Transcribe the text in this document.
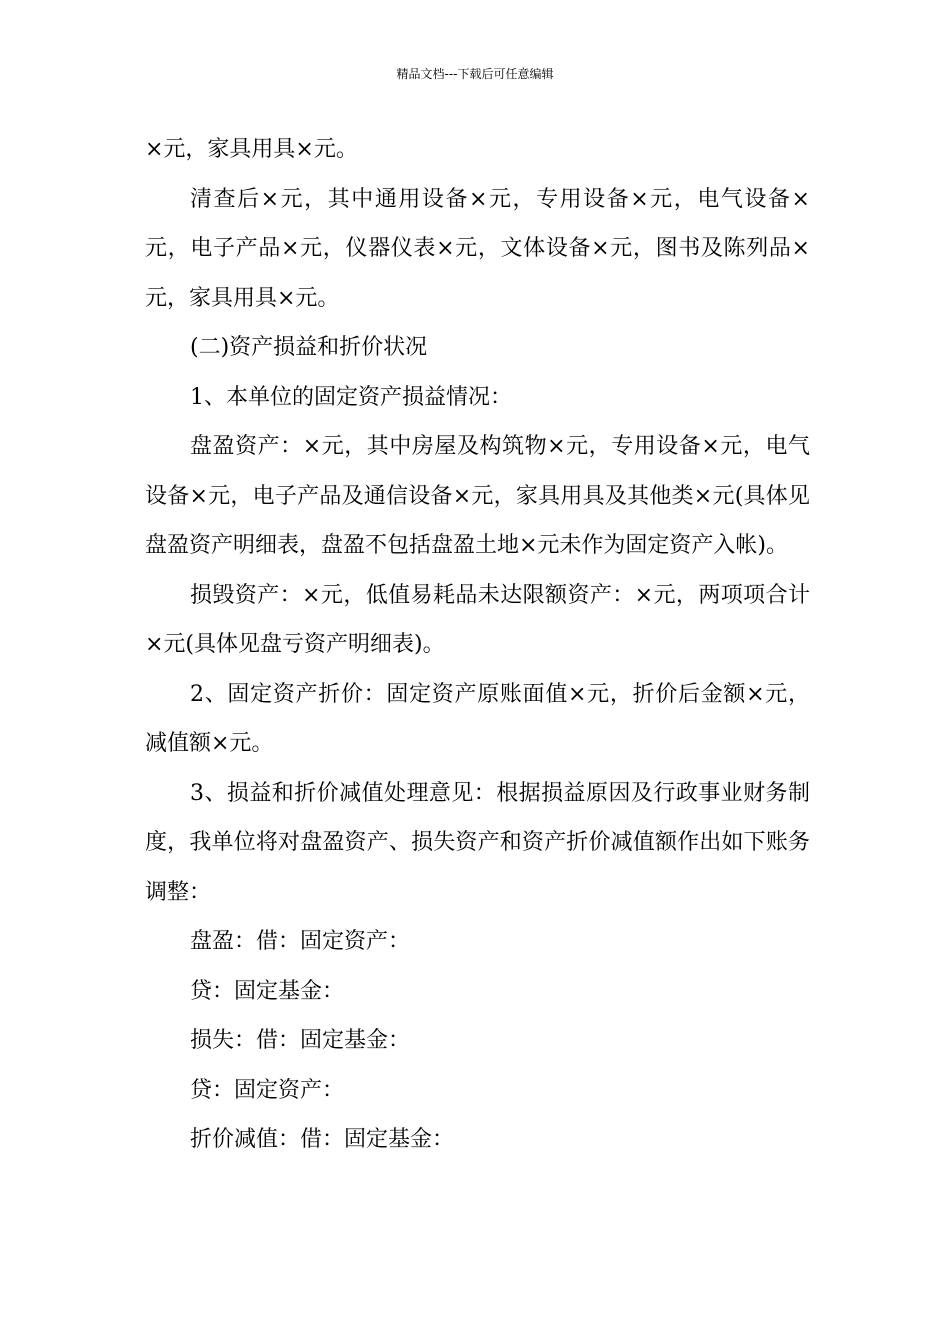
精品文档---下载后可任意编辑

×元，家具用具×元。

清查后×元，其中通用设备×元，专用设备×元，电气设备×元，电子产品×元，仪器仪表×元，文体设备×元，图书及陈列品×元，家具用具×元。

(二)资产损益和折价状况

1、本单位的固定资产损益情况：

盘盈资产：×元，其中房屋及构筑物×元，专用设备×元，电气设备×元，电子产品及通信设备×元，家具用具及其他类×元(具体见盘盈资产明细表，盘盈不包括盘盈土地×元未作为固定资产入帐)。

损毁资产：×元，低值易耗品未达限额资产：×元，两项项合计×元(具体见盘亏资产明细表)。

2、固定资产折价：固定资产原账面值×元，折价后金额×元，减值额×元。

3、损益和折价减值处理意见：根据损益原因及行政事业财务制度，我单位将对盘盈资产、损失资产和资产折价减值额作出如下账务调整：

盘盈：借：固定资产：

贷：固定基金：

损失：借：固定基金：

贷：固定资产：

折价减值：借：固定基金：
